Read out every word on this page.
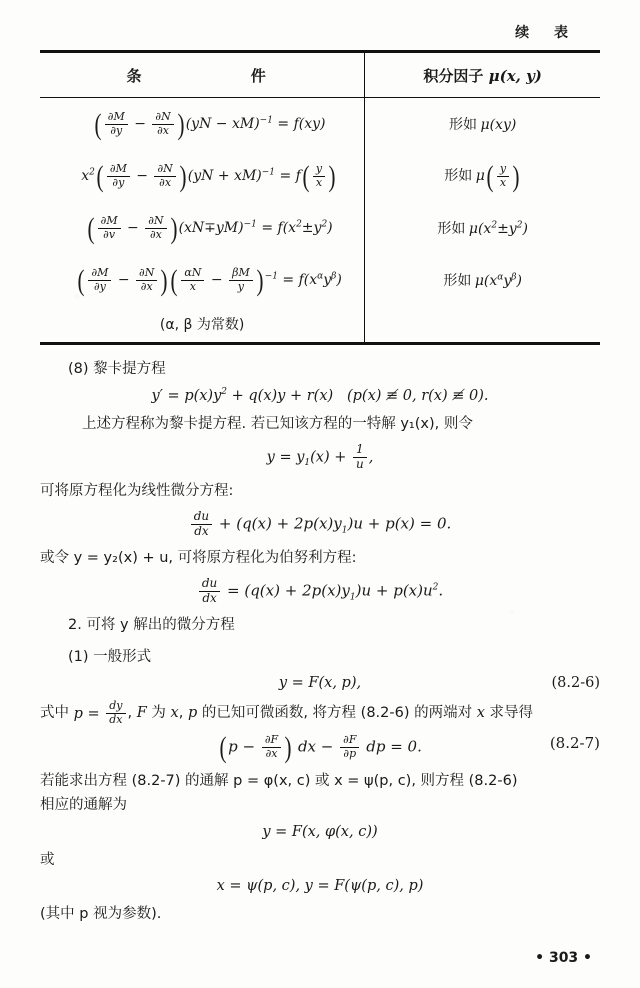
续 表

条 件	积分因子 μ(x, y)

( $\frac{\partial M}{\partial y} - \frac{\partial N}{\partial x}$ ) (yN − xM)$^{-1}$ = f(xy)	形如 μ(xy)
$x^2( \frac{\partial M}{\partial y} - \frac{\partial N}{\partial x}$ ) $(yN + xM)^{-1} = f( \frac{y}{x}$ )	形如 $\mu( \frac{y}{x}$ )
( $\frac{\partial M}{\partial v} - \frac{\partial N}{\partial x}$ ) $(xN\mp yM)^{-1} = f(x^2\pm y^2)$	形如 $\mu(x^2\pm y^2)$
( $\frac{\partial M}{\partial y} - \frac{\partial N}{\partial x}$ ) ( $\frac{\alpha N}{x} - \frac{\beta M}{y}$ ) $^{-1} = f(x^\alpha y^\beta)$	形如 $\mu(x^\alpha y^\beta)$
(α, β 为常数)	

(8) 黎卡提方程

$y' = p(x)y^2 + q(x)y + r(x)$   (p(x) ≢ 0, r(x) ≢ 0).

上述方程称为黎卡提方程. 若已知该方程的一特解 y₁(x), 则令

$y = y_1(x) + \frac{1}{u}$ ,

可将原方程化为线性微分方程:

$\frac{du}{dx} + (q(x) + 2p(x)y_1)u + p(x) = 0$.

或令 y = y₂(x) + u, 可将原方程化为伯努利方程:

$\frac{du}{dx} = (q(x) + 2p(x)y_1)u + p(x)u^2$.

2. 可将 y 解出的微分方程

(1) 一般形式

y = F(x, p),	(8.2-6)

式中 $p = \frac{dy}{dx}$ , F 为 x, p 的已知可微函数, 将方程 (8.2-6) 的两端对 x 求导得

( $p - \frac{\partial F}{\partial x}$ ) dx − $\frac{\partial F}{\partial p}$ dp = 0.	(8.2-7)

若能求出方程 (8.2-7) 的通解 p = φ(x, c) 或 x = ψ(p, c), 则方程 (8.2-6)

相应的通解为

y = F(x, φ(x, c))

或

x = ψ(p, c), y = F(ψ(p, c), p)

(其中 p 视为参数).

• 303 •
